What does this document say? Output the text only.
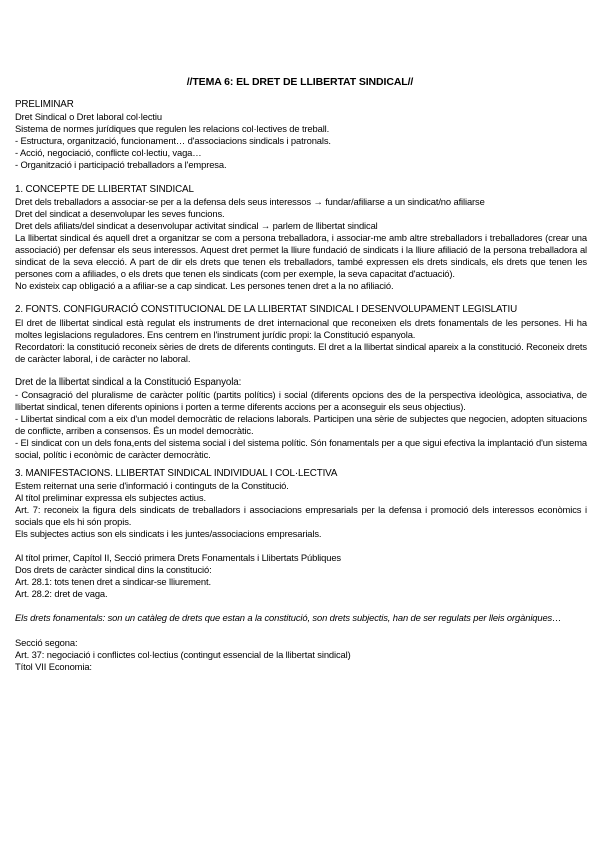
//TEMA 6: EL DRET DE LLIBERTAT SINDICAL//

PRELIMINAR

Dret Sindical o Dret laboral col·lectiu

Sistema de normes jurídiques que regulen les relacions col·lectives de treball.

- Estructura, organització, funcionament… d'associacions sindicals i patronals.

- Acció, negociació, conflicte col·lectiu, vaga…

- Organització i participació treballadors a l'empresa.

1. CONCEPTE DE LLIBERTAT SINDICAL

Dret dels treballadors a associar-se per a la defensa dels seus interessos → fundar/afiliarse a un sindicat/no afiliarse

Dret del sindicat a desenvolupar les seves funcions.

Dret dels afiliats/del sindicat a desenvolupar activitat sindical → parlem de llibertat sindical

La llibertat sindical és aquell dret a organitzar se com a persona treballadora, i associar-me amb altre streballadors i treballadores (crear una associació) per defensar els seus interessos. Aquest dret permet la lliure fundació de sindicats i la lliure afiliació de la persona treballadora al sindicat de la seva elecció. A part de dir els drets que tenen els treballadors, també expressen els drets sindicals, els drets que tenen les persones com a afiliades, o els drets que tenen els sindicats (com per exemple, la seva capacitat d'actuació).

No existeix cap obligació a a afiliar-se a cap sindicat. Les persones tenen dret a la no afiliació.

2. FONTS. CONFIGURACIÓ CONSTITUCIONAL DE LA LLIBERTAT SINDICAL I DESENVOLUPAMENT LEGISLATIU

El dret de llibertat sindical està regulat els instruments de dret internacional que reconeixen els drets fonamentals de les persones. Hi ha moltes legislacions reguladores. Ens centrem en l'instrument jurídic propi: la Constitució espanyola.

Recordatori: la constitució reconeix sèries de drets de diferents continguts. El dret a la llibertat sindical apareix a la constitució. Reconeix drets de caràcter laboral, i de caràcter no laboral.

Dret de la llibertat sindical a la Constitució Espanyola:

- Consagració del pluralisme de caràcter polític (partits polítics) i social (diferents opcions des de la perspectiva ideològica, associativa, de llibertat sindical, tenen diferents opinions i porten a terme diferents accions per a aconseguir els seus objectius).

- Llibertat sindical com a eix d'un model democràtic de relacions laborals. Participen una sèrie de subjectes que negocien, adopten situacions de conflicte, arriben a consensos. És un model democràtic.

- El sindicat con un dels fona,ents del sistema social i del sistema polític. Són fonamentals per a que sigui efectiva la implantació d'un sistema social, polític i econòmic de caràcter democràtic.

3. MANIFESTACIONS. LLIBERTAT SINDICAL INDIVIDUAL I COL·LECTIVA

Estem reiternat una serie d'informació i continguts de la Constitució.

Al títol preliminar expressa els subjectes actius.

Art. 7: reconeix la figura dels sindicats de treballadors i associacions empresarials per la defensa i promoció dels interessos econòmics i socials que els hi són propis.

Els subjectes actius son els sindicats i les juntes/associacions empresarials.

Al títol primer, Capítol II, Secció primera Drets Fonamentals i Llibertats Públiques

Dos drets de caràcter sindical dins la constitució:

Art. 28.1: tots tenen dret a sindicar-se lliurement.

Art. 28.2: dret de vaga.

Els drets fonamentals: son un catàleg de drets que estan a la constitució, son drets subjectis, han de ser regulats per lleis orgàniques…

Secció segona:

Art. 37: negociació i conflictes col·lectius (contingut essencial de la llibertat sindical)

Títol VII Economia:
